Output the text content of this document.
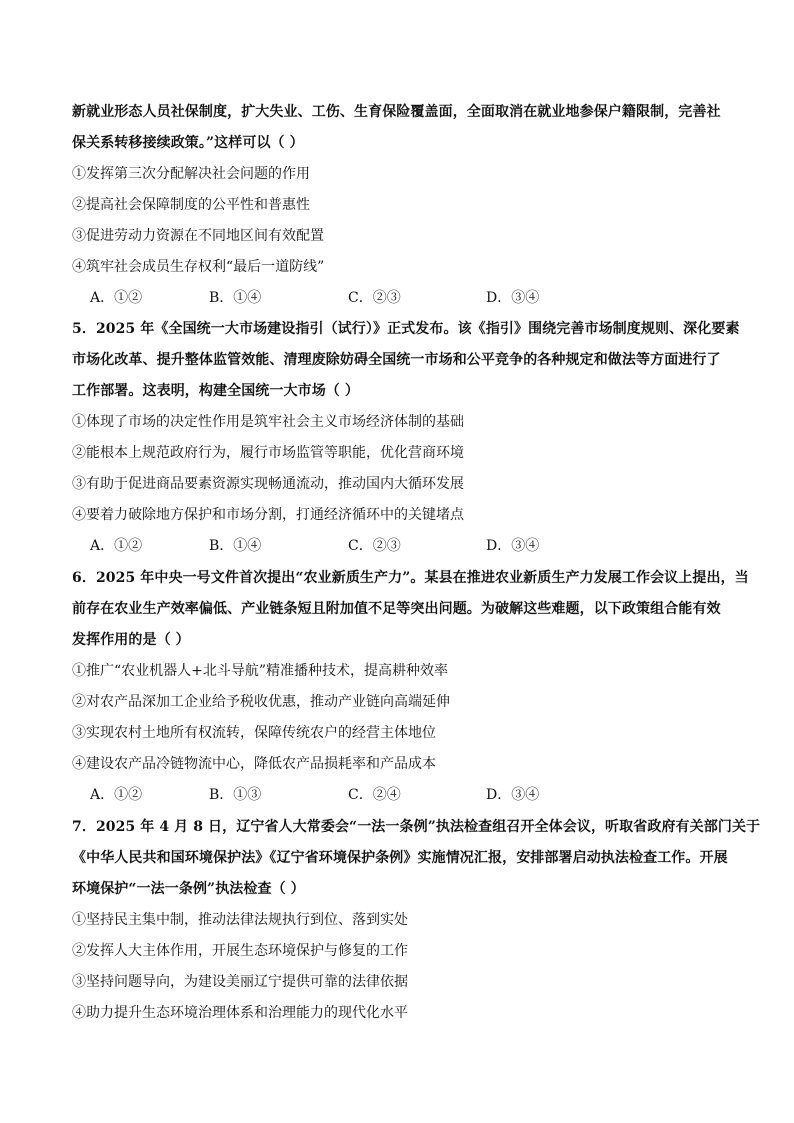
新就业形态人员社保制度，扩大失业、工伤、生育保险覆盖面，全面取消在就业地参保户籍限制，完善社
保关系转移接续政策。”这样可以（ ）
①发挥第三次分配解决社会问题的作用
②提高社会保障制度的公平性和普惠性
③促进劳动力资源在不同地区间有效配置
④筑牢社会成员生存权利“最后一道防线”
A．①②	B．①④	C．②③	D．③④
5．2025 年《全国统一大市场建设指引（试行）》正式发布。该《指引》围绕完善市场制度规则、深化要素
市场化改革、提升整体监管效能、清理废除妨碍全国统一市场和公平竞争的各种规定和做法等方面进行了
工作部署。这表明，构建全国统一大市场（ ）
①体现了市场的决定性作用是筑牢社会主义市场经济体制的基础
②能根本上规范政府行为，履行市场监管等职能，优化营商环境
③有助于促进商品要素资源实现畅通流动，推动国内大循环发展
④要着力破除地方保护和市场分割，打通经济循环中的关键堵点
A．①②	B．①④	C．②③	D．③④
6．2025 年中央一号文件首次提出“农业新质生产力”。某县在推进农业新质生产力发展工作会议上提出，当
前存在农业生产效率偏低、产业链条短且附加值不足等突出问题。为破解这些难题，以下政策组合能有效
发挥作用的是（ ）
①推广“农业机器人+北斗导航”精准播种技术，提高耕种效率
②对农产品深加工企业给予税收优惠，推动产业链向高端延伸
③实现农村土地所有权流转，保障传统农户的经营主体地位
④建设农产品冷链物流中心，降低农产品损耗率和产品成本
A．①②	B．①③	C．②④	D．③④
7．2025 年 4 月 8 日，辽宁省人大常委会“一法一条例”执法检查组召开全体会议，听取省政府有关部门关于
《中华人民共和国环境保护法》《辽宁省环境保护条例》实施情况汇报，安排部署启动执法检查工作。开展
环境保护“一法一条例”执法检查（ ）
①坚持民主集中制，推动法律法规执行到位、落到实处
②发挥人大主体作用，开展生态环境保护与修复的工作
③坚持问题导向，为建设美丽辽宁提供可靠的法律依据
④助力提升生态环境治理体系和治理能力的现代化水平
